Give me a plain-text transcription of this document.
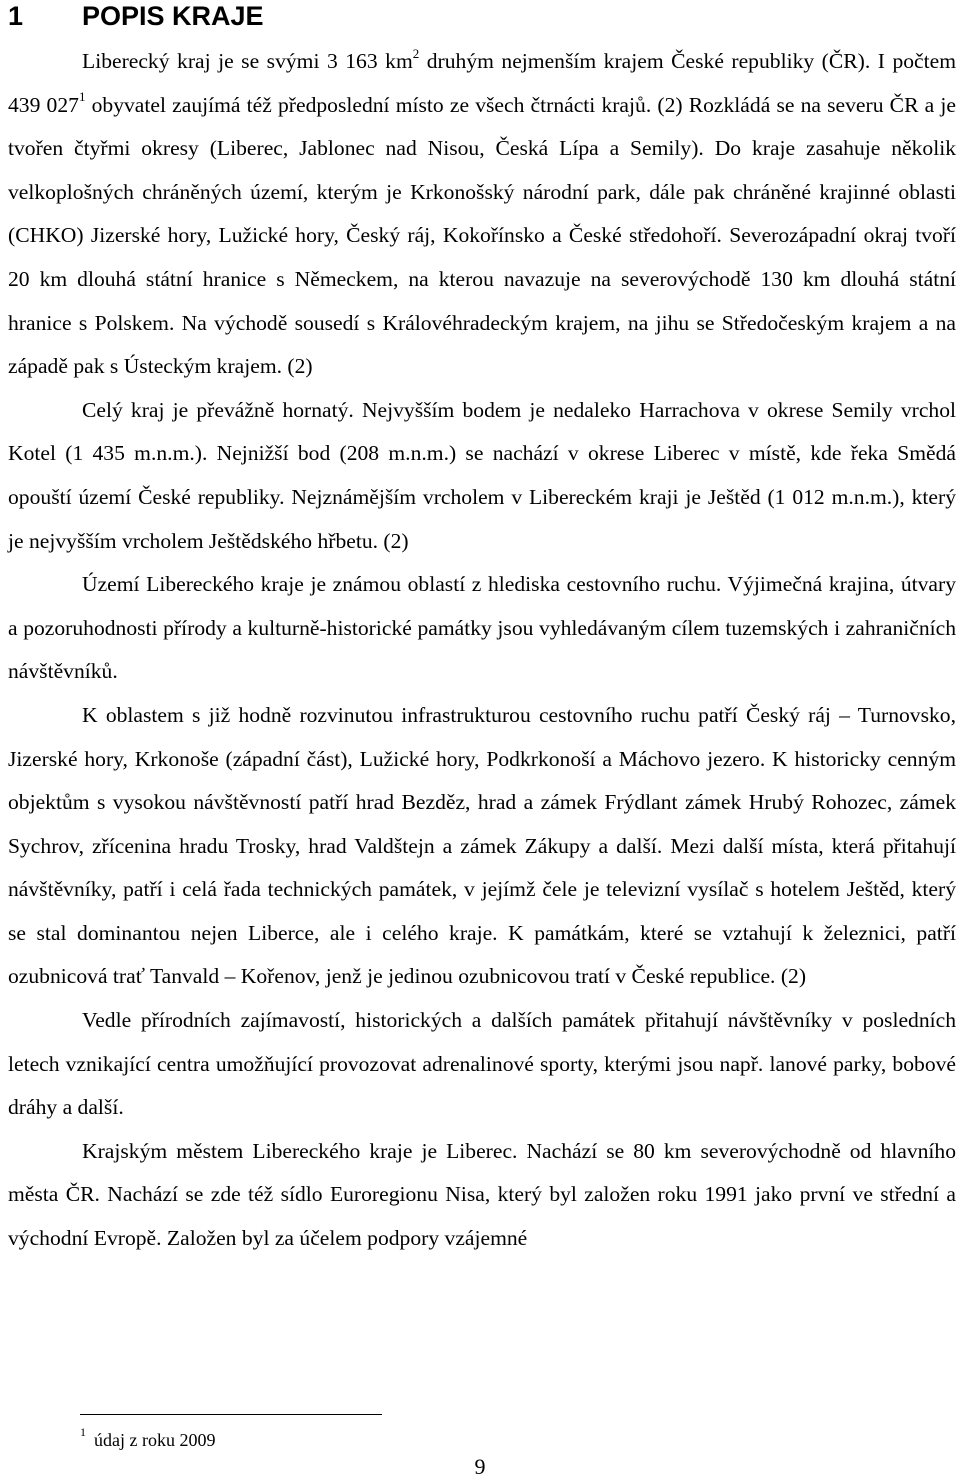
1 POPIS KRAJE

Liberecký kraj je se svými 3 163 $km^2$ druhým nejmenším krajem České republiky (ČR). I počtem 439 $027^1$ obyvatel zaujímá též předposlední místo ze všech čtrnácti krajů. (2) Rozkládá se na severu ČR a je tvořen čtyřmi okresy (Liberec, Jablonec nad Nisou, Česká Lípa a Semily). Do kraje zasahuje několik velkoplošných chráněných území, kterým je Krkonošský národní park, dále pak chráněné krajinné oblasti (CHKO) Jizerské hory, Lužické hory, Český ráj, Kokořínsko a České středohoří. Severozápadní okraj tvoří 20 km dlouhá státní hranice s Německem, na kterou navazuje na severovýchodě 130 km dlouhá státní hranice s Polskem. Na východě sousedí s Královéhradeckým krajem, na jihu se Středočeským krajem a na západě pak s Ústeckým krajem. (2)

Celý kraj je převážně hornatý. Nejvyšším bodem je nedaleko Harrachova v okrese Semily vrchol Kotel (1 435 m.n.m.). Nejnižší bod (208 m.n.m.) se nachází v okrese Liberec v místě, kde řeka Smědá opouští území České republiky. Nejznámějším vrcholem v Libereckém kraji je Ještěd (1 012 m.n.m.), který je nejvyšším vrcholem Ještědského hřbetu. (2)

Území Libereckého kraje je známou oblastí z hlediska cestovního ruchu. Výjimečná krajina, útvary a pozoruhodnosti přírody a kulturně-historické památky jsou vyhledávaným cílem tuzemských i zahraničních návštěvníků.

K oblastem s již hodně rozvinutou infrastrukturou cestovního ruchu patří Český ráj – Turnovsko, Jizerské hory, Krkonoše (západní část), Lužické hory, Podkrkonoší a Máchovo jezero. K historicky cenným objektům s vysokou návštěvností patří hrad Bezděz, hrad a zámek Frýdlant zámek Hrubý Rohozec, zámek Sychrov, zřícenina hradu Trosky, hrad Valdštejn a zámek Zákupy a další. Mezi další místa, která přitahují návštěvníky, patří i celá řada technických památek, v jejímž čele je televizní vysílač s hotelem Ještěd, který se stal dominantou nejen Liberce, ale i celého kraje. K památkám, které se vztahují k železnici, patří ozubnicová trať Tanvald – Kořenov, jenž je jedinou ozubnicovou tratí v České republice. (2)

Vedle přírodních zajímavostí, historických a dalších památek přitahují návštěvníky v posledních letech vznikající centra umožňující provozovat adrenalinové sporty, kterými jsou např. lanové parky, bobové dráhy a další.

Krajským městem Libereckého kraje je Liberec. Nachází se 80 km severovýchodně od hlavního města ČR. Nachází se zde též sídlo Euroregionu Nisa, který byl založen roku 1991 jako první ve střední a východní Evropě. Založen byl za účelem podpory vzájemné

$^1$ údaj z roku 2009
9
